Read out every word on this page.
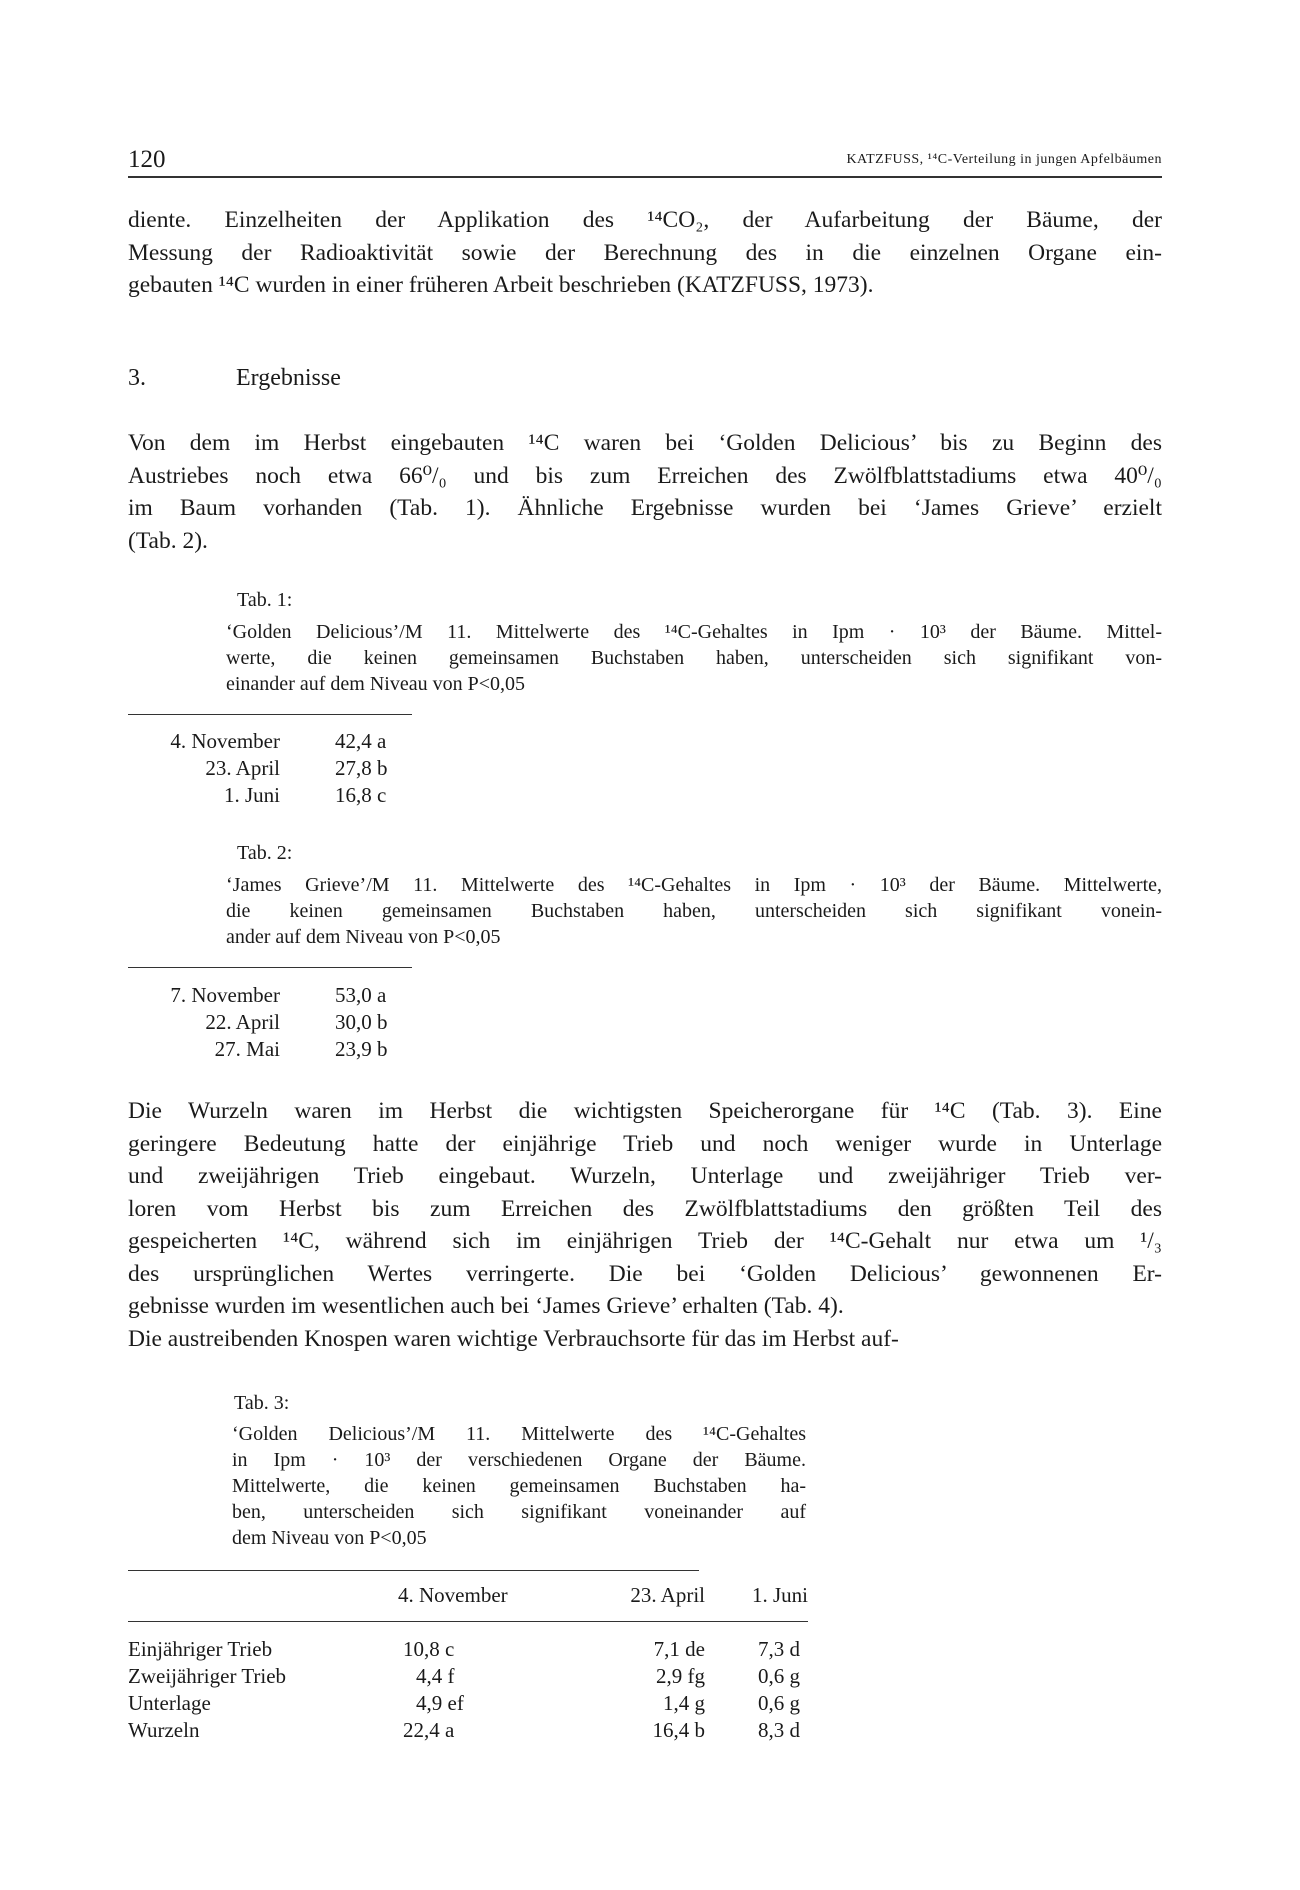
120	KATZFUSS, ¹⁴C-Verteilung in jungen Apfelbäumen
diente. Einzelheiten der Applikation des ¹⁴CO₂, der Aufarbeitung der Bäume, der
Messung der Radioaktivität sowie der Berechnung des in die einzelnen Organe ein-
gebauten ¹⁴C wurden in einer früheren Arbeit beschrieben (KATZFUSS, 1973).
3.	Ergebnisse
Von dem im Herbst eingebauten ¹⁴C waren bei ‘Golden Delicious’ bis zu Beginn des
Austriebes noch etwa 66⁰/₀ und bis zum Erreichen des Zwölfblattstadiums etwa 40⁰/₀
im Baum vorhanden (Tab. 1). Ähnliche Ergebnisse wurden bei ‘James Grieve’ erzielt
(Tab. 2).
Tab. 1:
‘Golden Delicious’/M 11. Mittelwerte des ¹⁴C-Gehaltes in Ipm · 10³ der Bäume. Mittel-
werte, die keinen gemeinsamen Buchstaben haben, unterscheiden sich signifikant von-
einander auf dem Niveau von P<0,05
4. November	42,4 a
23. April	27,8 b
1. Juni	16,8 c
Tab. 2:
‘James Grieve’/M 11. Mittelwerte des ¹⁴C-Gehaltes in Ipm · 10³ der Bäume. Mittelwerte,
die keinen gemeinsamen Buchstaben haben, unterscheiden sich signifikant vonein-
ander auf dem Niveau von P<0,05
7. November	53,0 a
22. April	30,0 b
27. Mai	23,9 b
Die Wurzeln waren im Herbst die wichtigsten Speicherorgane für ¹⁴C (Tab. 3). Eine
geringere Bedeutung hatte der einjährige Trieb und noch weniger wurde in Unterlage
und zweijährigen Trieb eingebaut. Wurzeln, Unterlage und zweijähriger Trieb ver-
loren vom Herbst bis zum Erreichen des Zwölfblattstadiums den größten Teil des
gespeicherten ¹⁴C, während sich im einjährigen Trieb der ¹⁴C-Gehalt nur etwa um ¹/₃
des ursprünglichen Wertes verringerte. Die bei ‘Golden Delicious’ gewonnenen Er-
gebnisse wurden im wesentlichen auch bei ‘James Grieve’ erhalten (Tab. 4).
Die austreibenden Knospen waren wichtige Verbrauchsorte für das im Herbst auf-
Tab. 3:
‘Golden Delicious’/M 11. Mittelwerte des ¹⁴C-Gehaltes
in Ipm · 10³ der verschiedenen Organe der Bäume.
Mittelwerte, die keinen gemeinsamen Buchstaben ha-
ben, unterscheiden sich signifikant voneinander auf
dem Niveau von P<0,05
	4. November	23. April	1. Juni

Einjähriger Trieb	10,8 c	7,1 de	7,3 d
Zweijähriger Trieb	4,4 f	2,9 fg	0,6 g
Unterlage	4,9 ef	1,4 g	0,6 g
Wurzeln	22,4 a	16,4 b	8,3 d
